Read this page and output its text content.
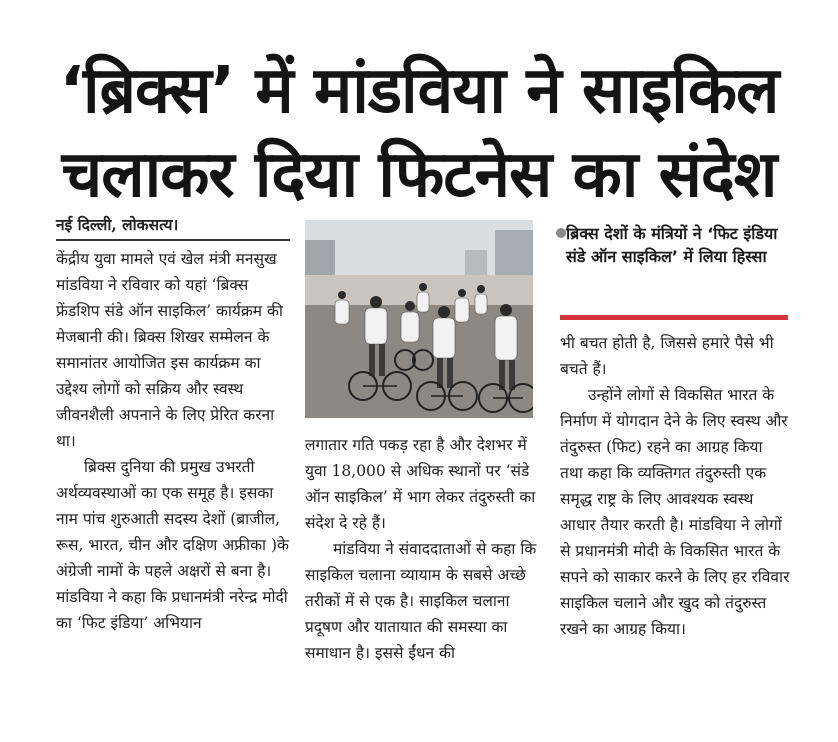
‘ब्रिक्स’ में मांडविया ने साइकिल
चलाकर दिया फिटनेस का संदेश
नई दिल्ली, लोकसत्य।

केंद्रीय युवा मामले एवं खेल मंत्री मनसुख मांडविया ने रविवार को यहां ‘ब्रिक्स फ्रेंडशिप संडे ऑन साइकिल’ कार्यक्रम की मेजबानी की। ब्रिक्स शिखर सम्मेलन के समानांतर आयोजित इस कार्यक्रम का उद्देश्य लोगों को सक्रिय और स्वस्थ जीवनशैली अपनाने के लिए प्रेरित करना था।

ब्रिक्स दुनिया की प्रमुख उभरती अर्थव्यवस्थाओं का एक समूह है। इसका नाम पांच शुरुआती सदस्य देशों (ब्राजील, रूस, भारत, चीन और दक्षिण अफ्रीका )के अंग्रेजी नामों के पहले अक्षरों से बना है।मांडविया ने कहा कि प्रधानमंत्री नरेन्द्र मोदी का ‘फिट इंडिया’ अभियान

लगातार गति पकड़ रहा है और देशभर में युवा 18,000 से अधिक स्थानों पर ‘संडे ऑन साइकिल’ में भाग लेकर तंदुरुस्ती का संदेश दे रहे हैं।

मांडविया ने संवाददाताओं से कहा कि साइकिल चलाना व्यायाम के सबसे अच्छे तरीकों में से एक है। साइकिल चलाना प्रदूषण और यातायात की समस्या का समाधान है। इससे ईंधन की

ब्रिक्स देशों के मंत्रियों ने ‘फिट इंडिया संडे ऑन साइकिल’ में लिया हिस्सा

भी बचत होती है, जिससे हमारे पैसे भी बचते हैं।

उन्होंने लोगों से विकसित भारत के निर्माण में योगदान देने के लिए स्वस्थ और तंदुरुस्त (फिट) रहने का आग्रह किया तथा कहा कि व्यक्तिगत तंदुरुस्ती एक समृद्ध राष्ट्र के लिए आवश्यक स्वस्थ आधार तैयार करती है। मांडविया ने लोगों से प्रधानमंत्री मोदी के विकसित भारत के सपने को साकार करने के लिए हर रविवार साइकिल चलाने और खुद को तंदुरुस्त रखने का आग्रह किया।
